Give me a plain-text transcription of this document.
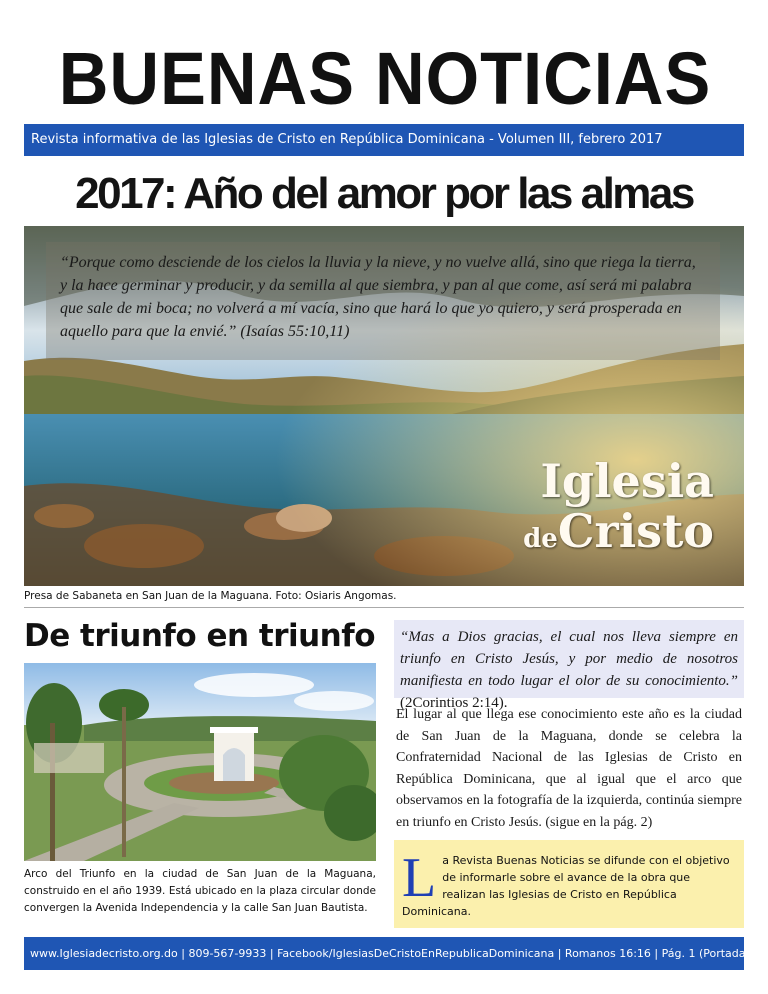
BUENAS NOTICIAS
Revista informativa de las Iglesias de Cristo en República Dominicana - Volumen III, febrero 2017
2017: Año del amor por las almas
“Porque como desciende de los cielos la lluvia y la nieve, y no vuelve allá, sino que riega la tierra, y la hace germinar y producir, y da semilla al que siembra, y pan al que come, así será mi palabra que sale de mi boca; no volverá a mí vacía, sino que hará lo que yo quiero, y será prosperada en aquello para que la envié.” (Isaías 55:10,11)
Iglesia
deCristo
Presa de Sabaneta en San Juan de la Maguana. Foto: Osiaris Angomas.
De triunfo en triunfo
Arco del Triunfo en la ciudad de San Juan de la Maguana, construido en el año 1939. Está ubicado en la plaza circular donde convergen la Avenida Independencia y la calle San Juan Bautista.
“Mas a Dios gracias, el cual nos lleva siempre en triunfo en Cristo Jesús, y por medio de nosotros manifiesta en todo lugar el olor de su conocimiento.” (2Corintios 2:14).
El lugar al que llega ese conocimiento este año es la ciudad de San Juan de la Maguana, donde se celebra la Confraternidad Nacional de las Iglesias de Cristo en República Dominicana, que al igual que el arco que observamos en la fotografía de la izquierda, continúa siempre en triunfo en Cristo Jesús. (sigue en la pág. 2)
La Revista Buenas Noticias se difunde con el objetivo de informarle sobre el avance de la obra que realizan las Iglesias de Cristo en República Dominicana.
www.Iglesiadecristo.org.do | 809-567-9933 | Facebook/IglesiasDeCristoEnRepublicaDominicana | Romanos 16:16 | Pág. 1 (Portada)
